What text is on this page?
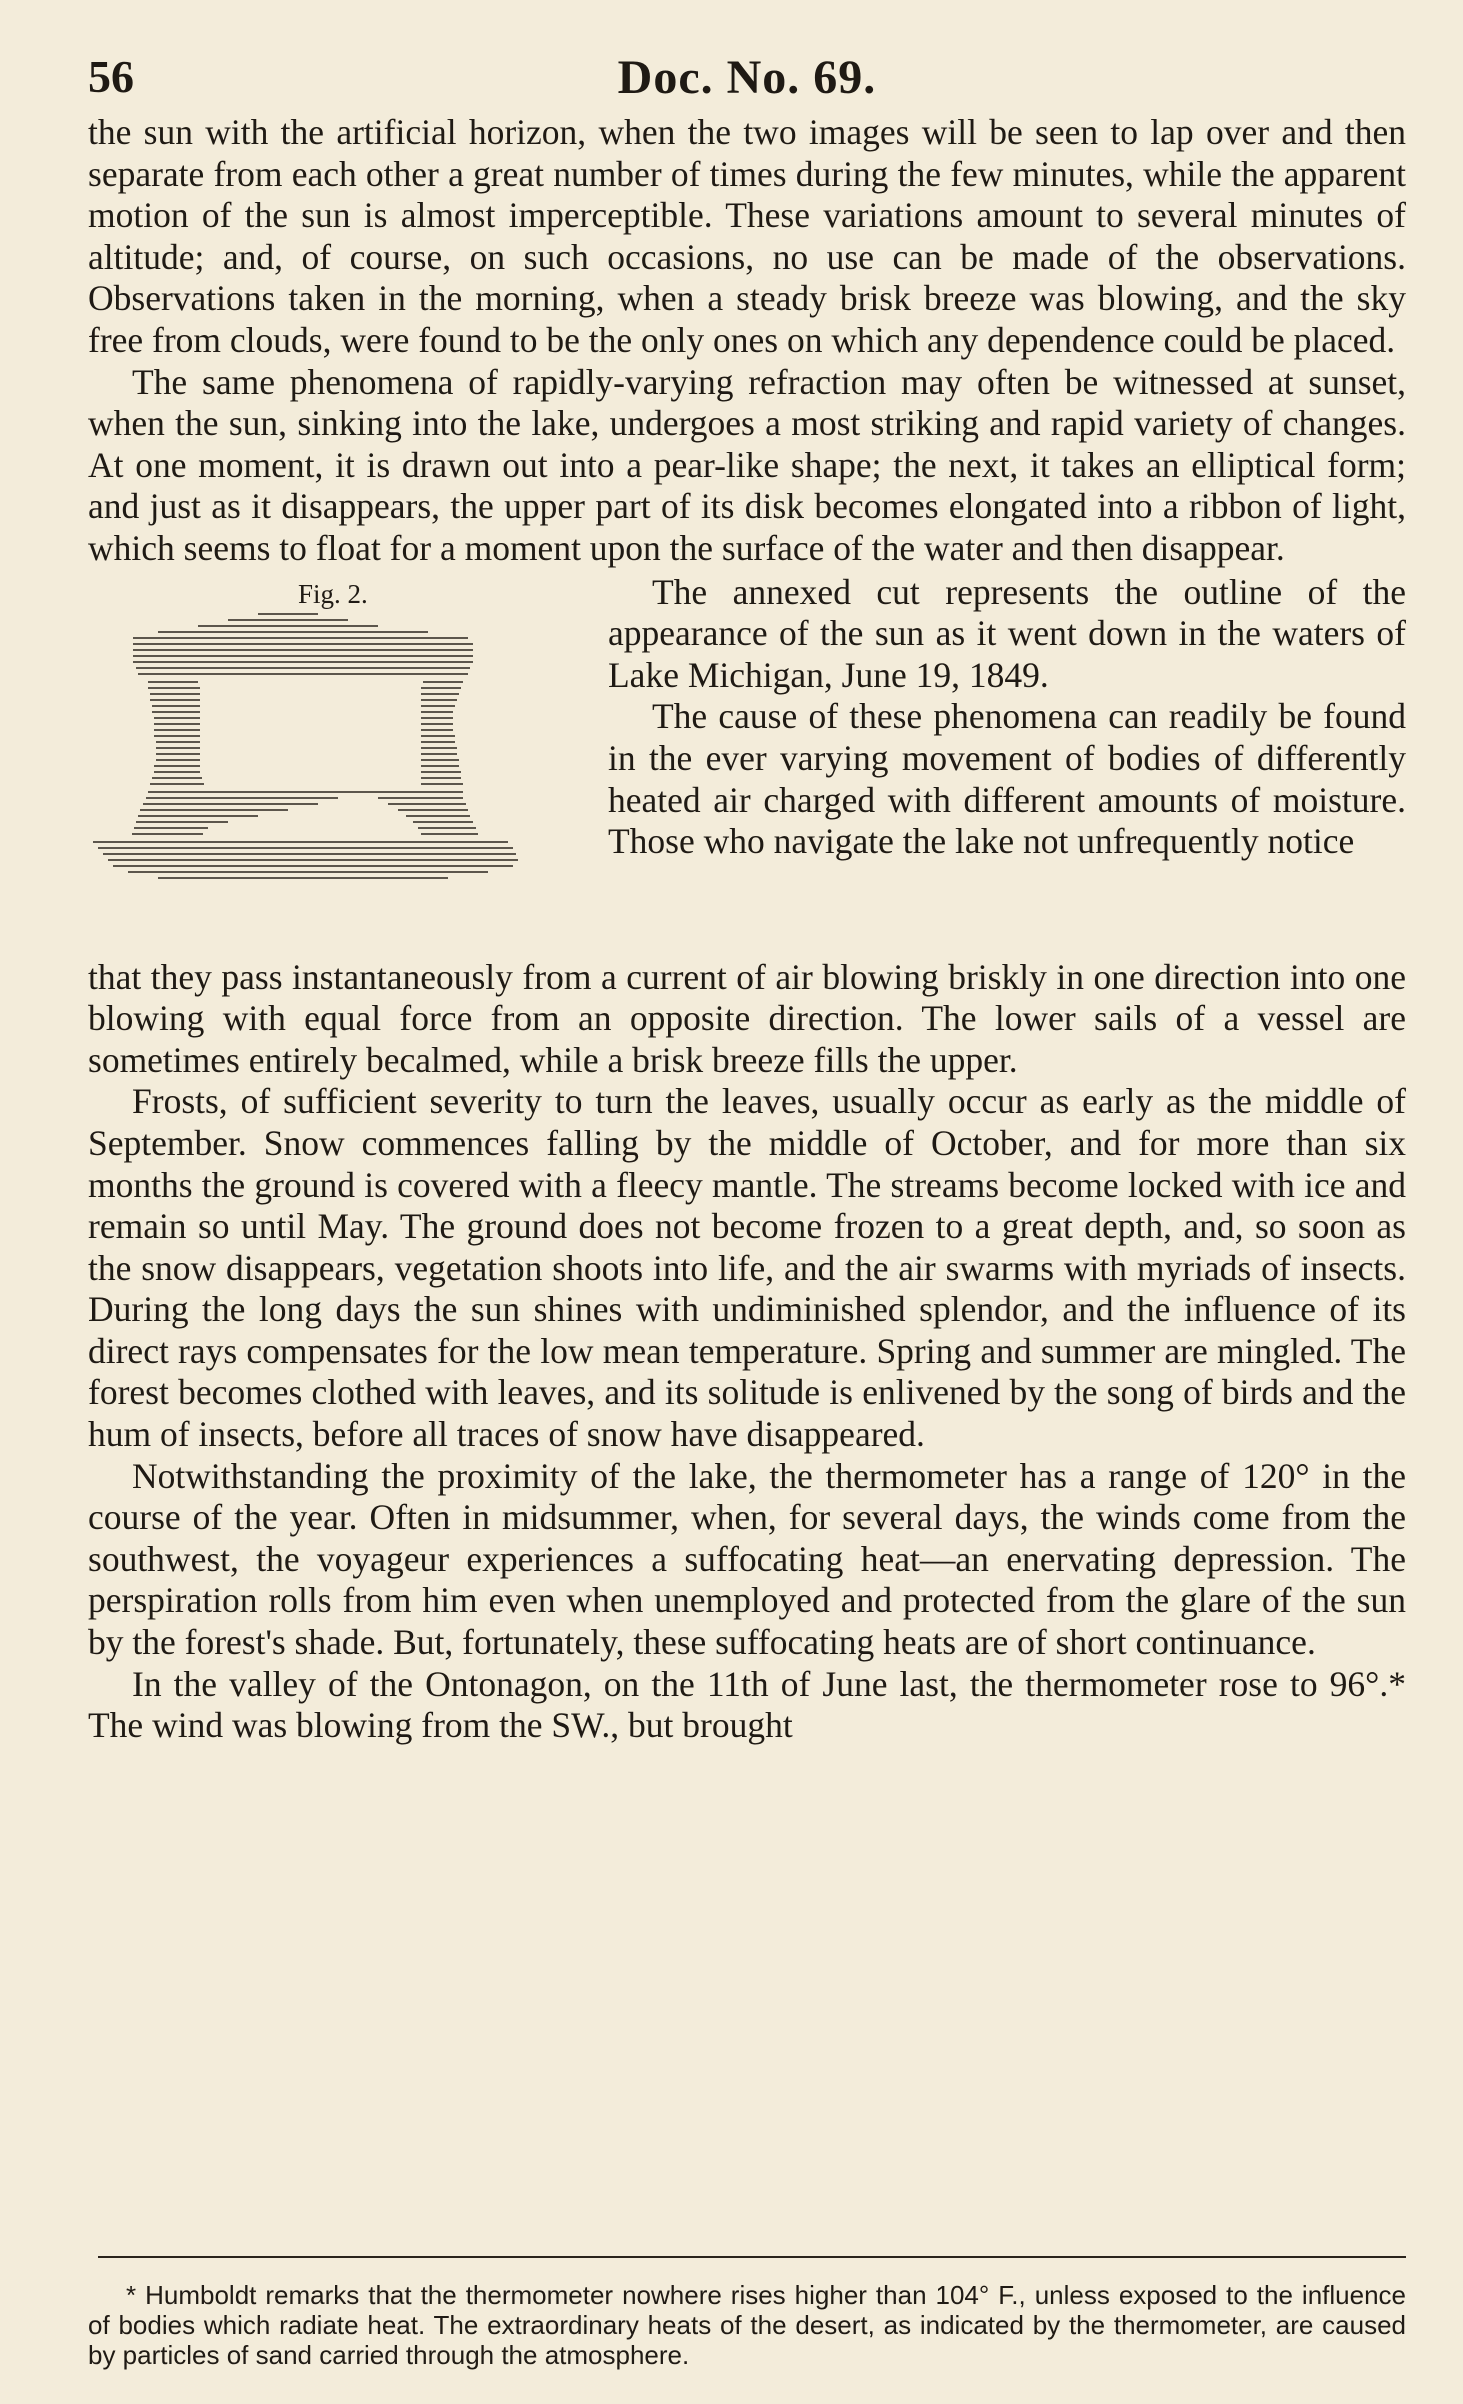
56	Doc. No. 69.

the sun with the artificial horizon, when the two images will be seen to lap over and then separate from each other a great number of times during the few minutes, while the apparent motion of the sun is almost imperceptible. These variations amount to several minutes of altitude; and, of course, on such occasions, no use can be made of the observations. Observations taken in the morning, when a steady brisk breeze was blowing, and the sky free from clouds, were found to be the only ones on which any dependence could be placed.

The same phenomena of rapidly-varying refraction may often be witnessed at sunset, when the sun, sinking into the lake, undergoes a most striking and rapid variety of changes. At one moment, it is drawn out into a pear-like shape; the next, it takes an elliptical form; and just as it disappears, the upper part of its disk becomes elongated into a ribbon of light, which seems to float for a moment upon the surface of the water and then disappear.

Fig. 2.	The annexed cut represents the outline of the appearance of the sun as it went down in the waters of Lake Michigan, June 19, 1849.

The cause of these phenomena can readily be found in the ever varying movement of bodies of differently heated air charged with different amounts of moisture. Those who navigate the lake not unfrequently notice

that they pass instantaneously from a current of air blowing briskly in one direction into one blowing with equal force from an opposite direction. The lower sails of a vessel are sometimes entirely becalmed, while a brisk breeze fills the upper.

Frosts, of sufficient severity to turn the leaves, usually occur as early as the middle of September. Snow commences falling by the middle of October, and for more than six months the ground is covered with a fleecy mantle. The streams become locked with ice and remain so until May. The ground does not become frozen to a great depth, and, so soon as the snow disappears, vegetation shoots into life, and the air swarms with myriads of insects. During the long days the sun shines with undiminished splendor, and the influence of its direct rays compensates for the low mean temperature. Spring and summer are mingled. The forest becomes clothed with leaves, and its solitude is enlivened by the song of birds and the hum of insects, before all traces of snow have disappeared.

Notwithstanding the proximity of the lake, the thermometer has a range of 120° in the course of the year. Often in midsummer, when, for several days, the winds come from the southwest, the voyageur experiences a suffocating heat—an enervating depression. The perspiration rolls from him even when unemployed and protected from the glare of the sun by the forest's shade. But, fortunately, these suffocating heats are of short continuance.

In the valley of the Ontonagon, on the 11th of June last, the thermometer rose to 96°.* The wind was blowing from the SW., but brought

* Humboldt remarks that the thermometer nowhere rises higher than 104° F., unless exposed to the influence of bodies which radiate heat. The extraordinary heats of the desert, as indicated by the thermometer, are caused by particles of sand carried through the atmosphere.
